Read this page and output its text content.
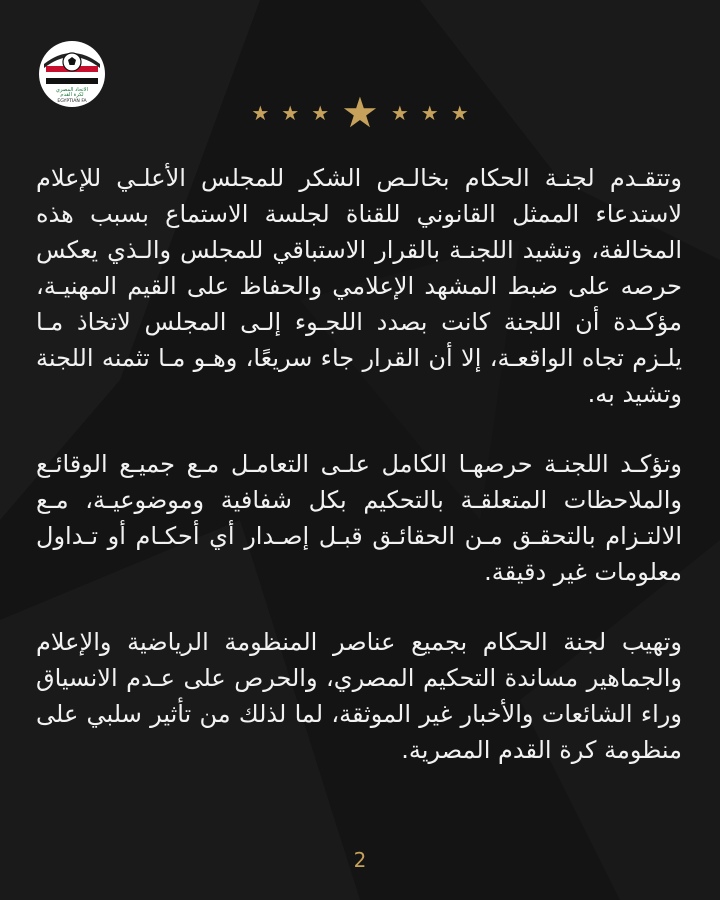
الاتحاد المصري
لكرة القدم
EGYPTIAN FA	★ ★ ★ ★ ★ ★ ★

وتتقـدم لجنـة الحكام بخالـص الشكر للمجلس الأعلـي للإعلام لاستدعاء الممثل القانوني للقناة لجلسة الاستماع بسبب هذه المخالفة، وتشيد اللجنـة بالقرار الاستباقي للمجلس والـذي يعكس حرصه على ضبط المشهد الإعلامي والحفاظ على القيم المهنيـة، مؤكـدة أن اللجنة كانت بصدد اللجـوء إلـى المجلس لاتخاذ مـا يلـزم تجاه الواقعـة، إلا أن القرار جاء سريعًا، وهـو مـا تثمنه اللجنة وتشيد به.

وتؤكـد اللجنـة حرصهـا الكامل علـى التعامـل مـع جميـع الوقائـع والملاحظات المتعلقـة بالتحكيم بكل شفافية وموضوعيـة، مـع الالتـزام بالتحقـق مـن الحقائـق قبـل إصـدار أي أحكـام أو تـداول معلومات غير دقيقة.

وتهيب لجنة الحكام بجميع عناصر المنظومة الرياضية والإعلام والجماهير مساندة التحكيم المصري، والحرص على عـدم الانسياق وراء الشائعات والأخبار غير الموثقة، لما لذلك من تأثير سلبي على منظومة كرة القدم المصرية.

2
